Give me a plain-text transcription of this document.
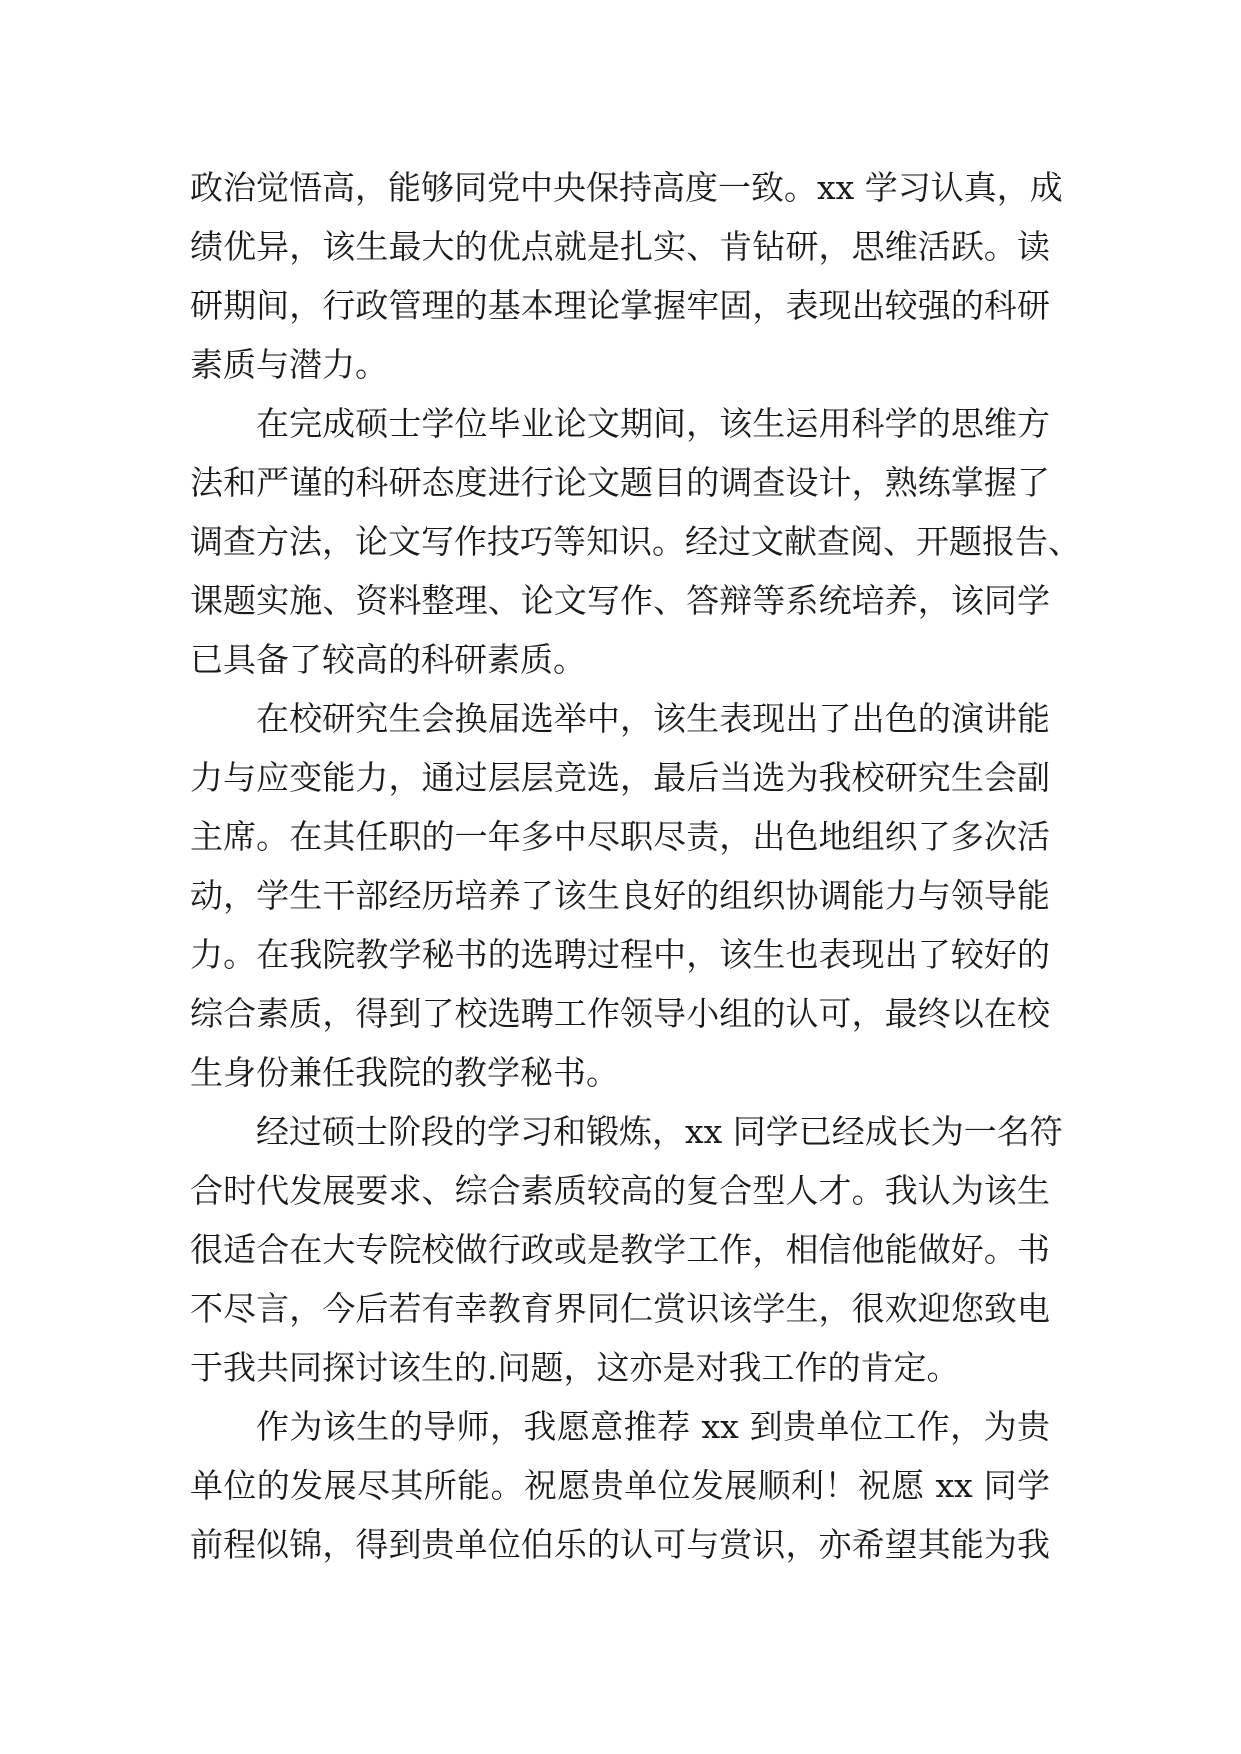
政治觉悟高，能够同党中央保持高度一致。xx 学习认真，成
绩优异，该生最大的优点就是扎实、肯钻研，思维活跃。读
研期间，行政管理的基本理论掌握牢固，表现出较强的科研
素质与潜力。
在完成硕士学位毕业论文期间，该生运用科学的思维方
法和严谨的科研态度进行论文题目的调查设计，熟练掌握了
调查方法，论文写作技巧等知识。经过文献查阅、开题报告、
课题实施、资料整理、论文写作、答辩等系统培养，该同学
已具备了较高的科研素质。
在校研究生会换届选举中，该生表现出了出色的演讲能
力与应变能力，通过层层竞选，最后当选为我校研究生会副
主席。在其任职的一年多中尽职尽责，出色地组织了多次活
动，学生干部经历培养了该生良好的组织协调能力与领导能
力。在我院教学秘书的选聘过程中，该生也表现出了较好的
综合素质，得到了校选聘工作领导小组的认可，最终以在校
生身份兼任我院的教学秘书。
经过硕士阶段的学习和锻炼，xx 同学已经成长为一名符
合时代发展要求、综合素质较高的复合型人才。我认为该生
很适合在大专院校做行政或是教学工作，相信他能做好。书
不尽言，今后若有幸教育界同仁赏识该学生，很欢迎您致电
于我共同探讨该生的.问题，这亦是对我工作的肯定。
作为该生的导师，我愿意推荐 xx 到贵单位工作，为贵
单位的发展尽其所能。祝愿贵单位发展顺利！祝愿 xx 同学
前程似锦，得到贵单位伯乐的认可与赏识，亦希望其能为我
